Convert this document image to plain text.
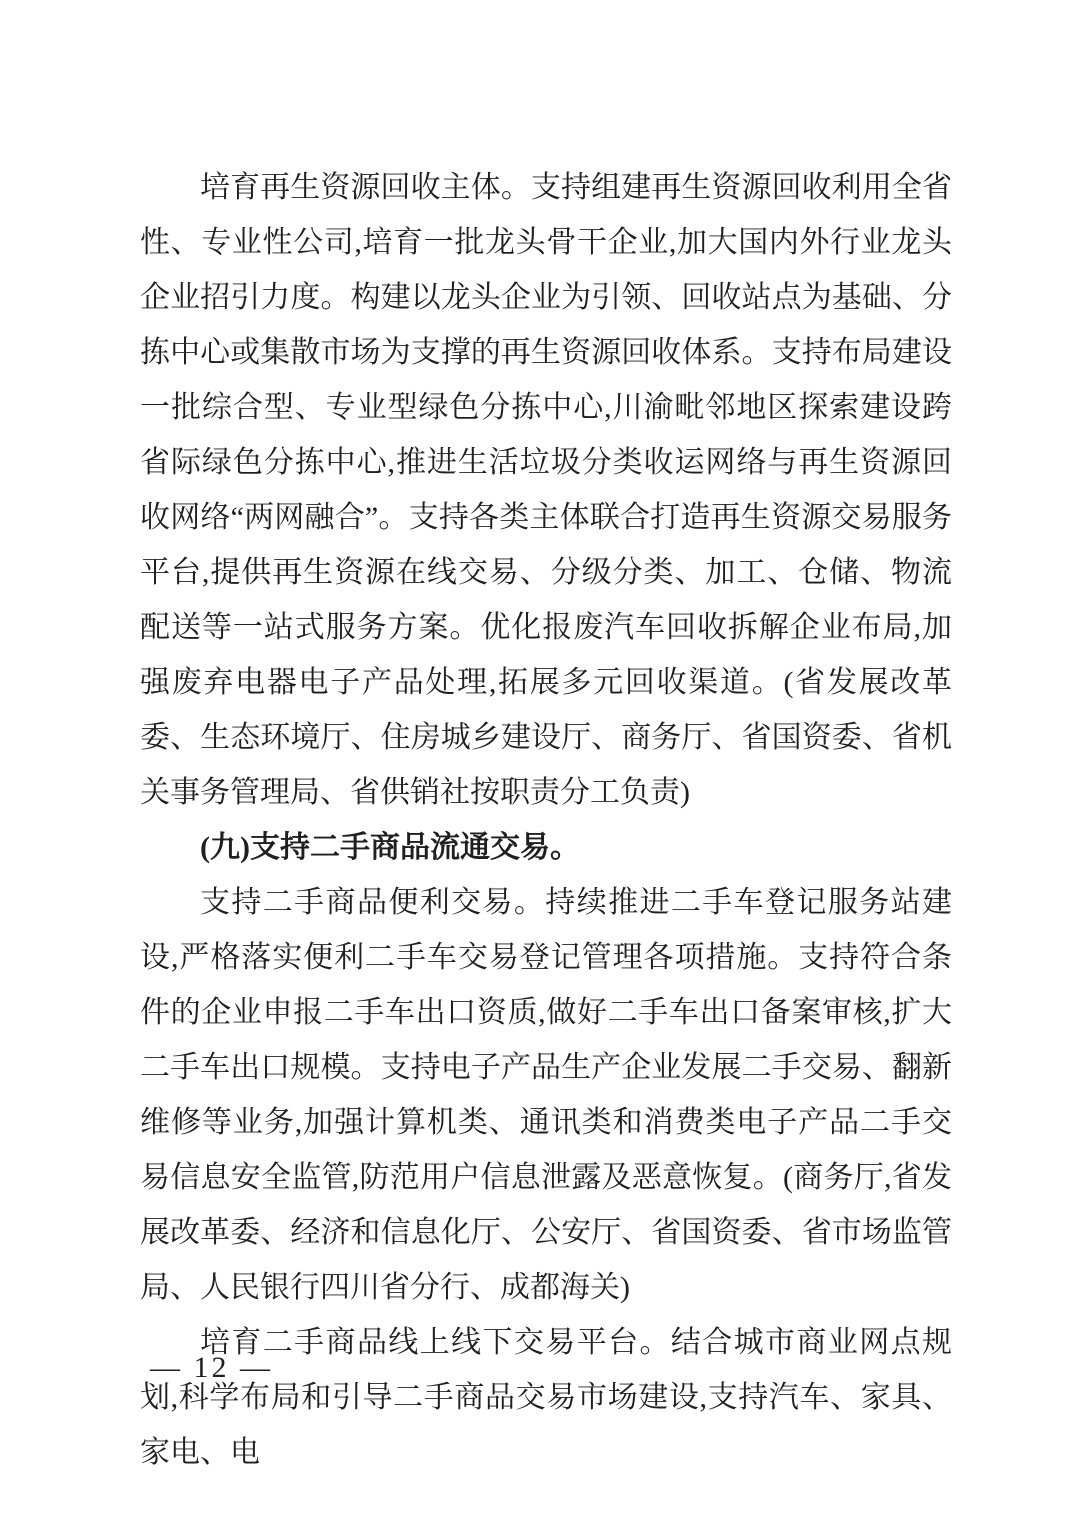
培育再生资源回收主体。支持组建再生资源回收利用全省性、专业性公司,培育一批龙头骨干企业,加大国内外行业龙头企业招引力度。构建以龙头企业为引领、回收站点为基础、分拣中心或集散市场为支撑的再生资源回收体系。支持布局建设一批综合型、专业型绿色分拣中心,川渝毗邻地区探索建设跨省际绿色分拣中心,推进生活垃圾分类收运网络与再生资源回收网络“两网融合”。支持各类主体联合打造再生资源交易服务平台,提供再生资源在线交易、分级分类、加工、仓储、物流配送等一站式服务方案。优化报废汽车回收拆解企业布局,加强废弃电器电子产品处理,拓展多元回收渠道。(省发展改革委、生态环境厅、住房城乡建设厅、商务厅、省国资委、省机关事务管理局、省供销社按职责分工负责)

(九)支持二手商品流通交易。

支持二手商品便利交易。持续推进二手车登记服务站建设,严格落实便利二手车交易登记管理各项措施。支持符合条件的企业申报二手车出口资质,做好二手车出口备案审核,扩大二手车出口规模。支持电子产品生产企业发展二手交易、翻新维修等业务,加强计算机类、通讯类和消费类电子产品二手交易信息安全监管,防范用户信息泄露及恶意恢复。(商务厅,省发展改革委、经济和信息化厅、公安厅、省国资委、省市场监管局、人民银行四川省分行、成都海关)

培育二手商品线上线下交易平台。结合城市商业网点规划,科学布局和引导二手商品交易市场建设,支持汽车、家具、家电、电

— 12 —
